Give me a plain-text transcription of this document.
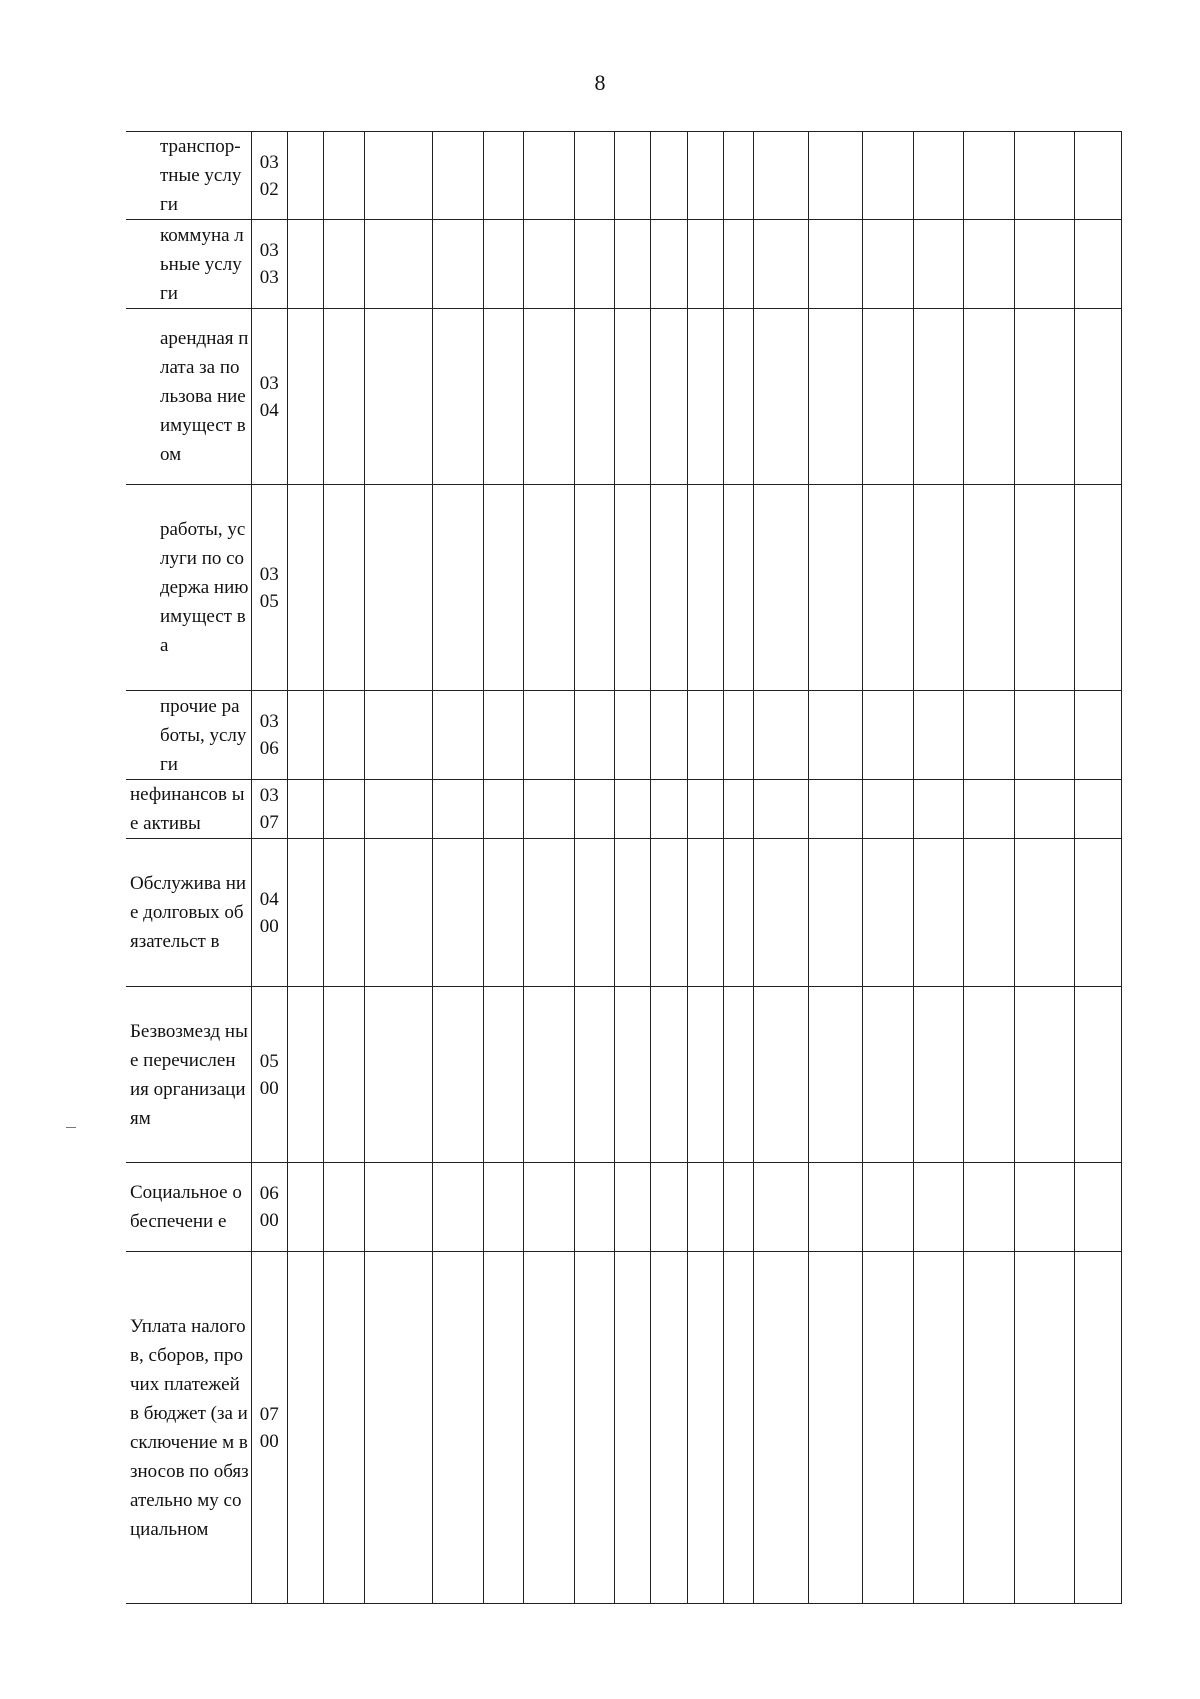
8
транспор-тные услуги	03 02																		

коммуна льные услуги	03 03																		

арендная плата за пользова ние имущест вом	03 04																		

работы, услуги по содержа нию имущест ва	03 05																		

прочие работы, услуги	03 06																		

нефинансов ые активы	03 07																		

Обслужива ние долговых обязательст в	04 00																		

Безвозмезд ные перечислен ия организаци ям	05 00																		

Социальное обеспечени е	06 00																		

Уплата налогов, сборов, прочих платежей в бюджет (за исключение м взносов по обязательно му социальном	07 00																		
